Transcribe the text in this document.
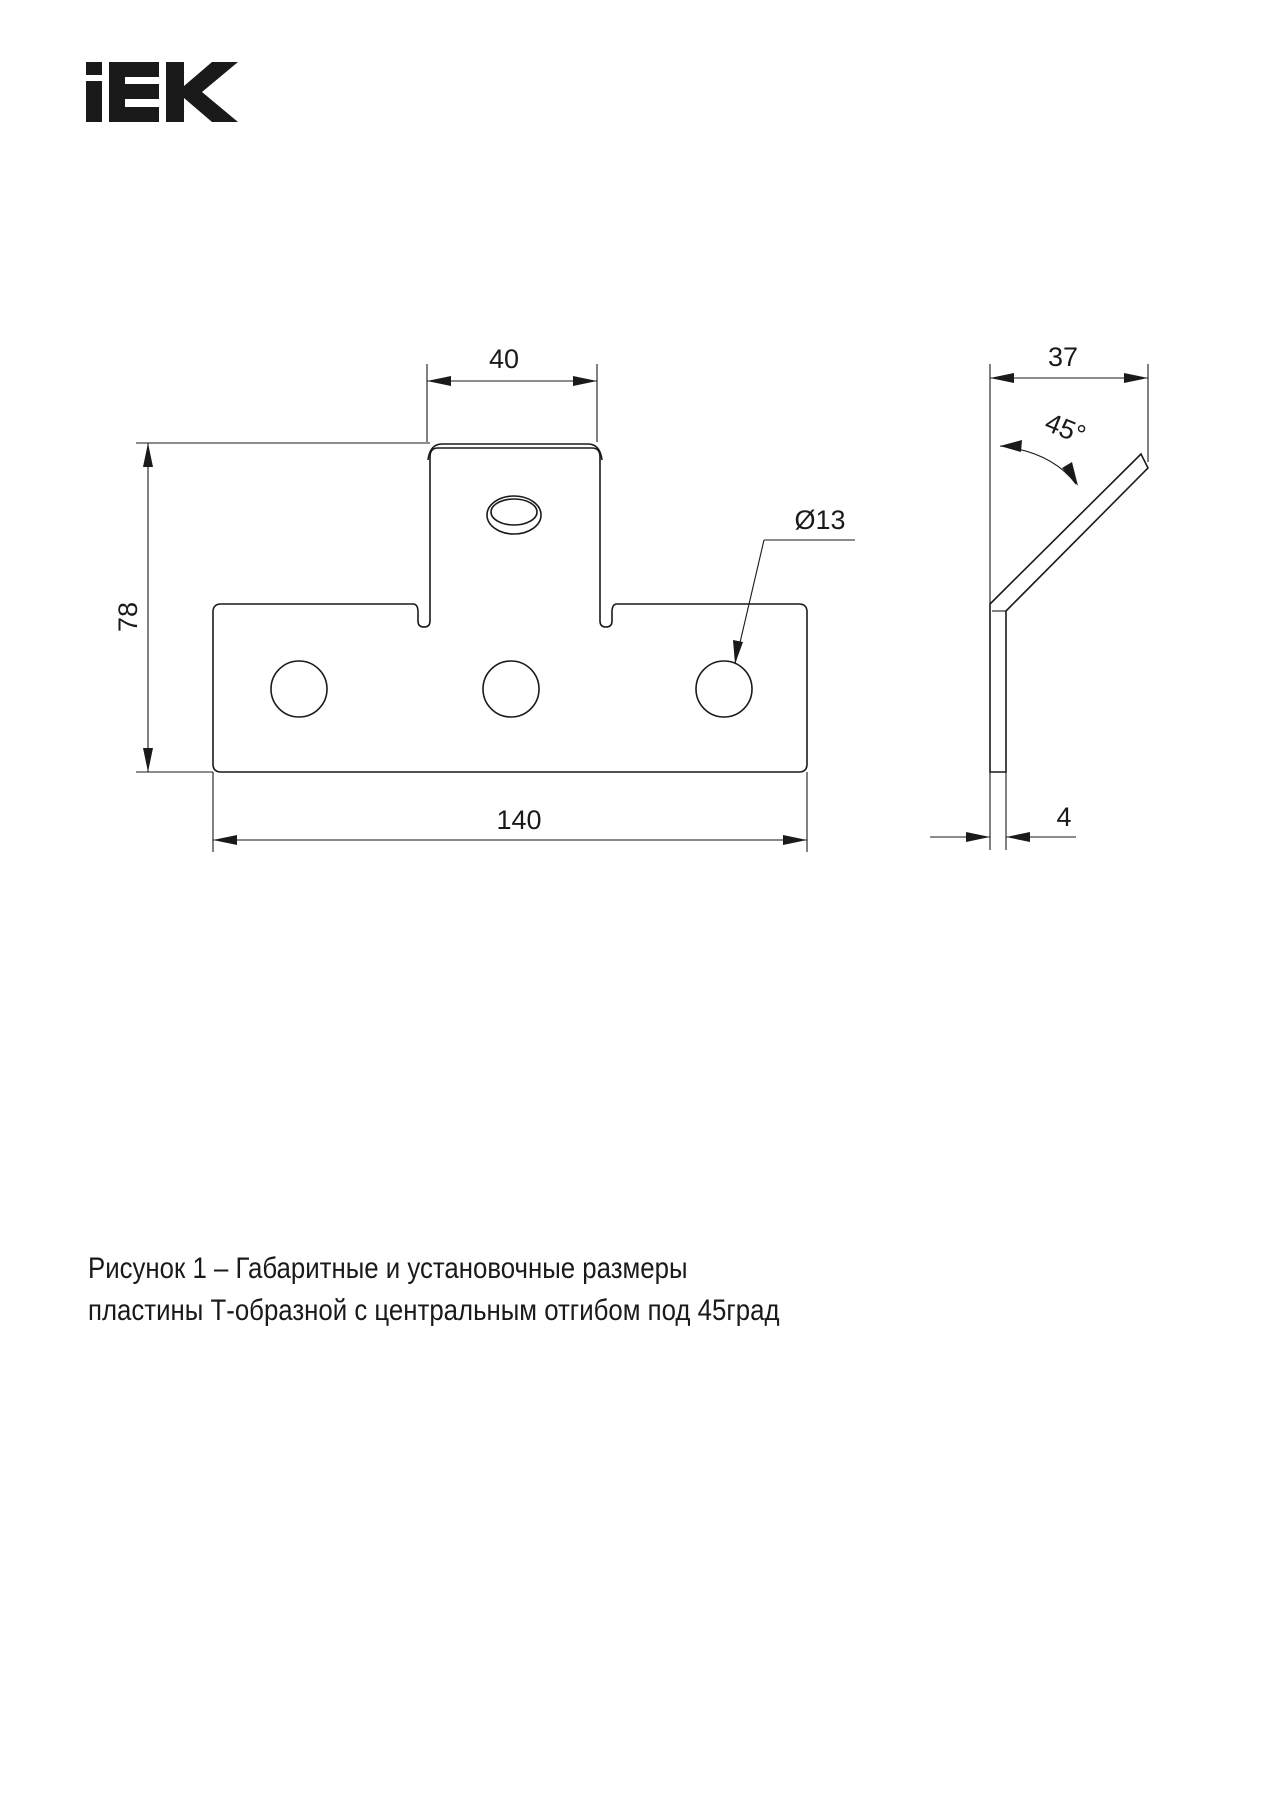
40
78
140
Ø13
37
45°
4
Рисунок 1 – Габаритные и установочные размеры
пластины Т-образной с центральным отгибом под 45град
